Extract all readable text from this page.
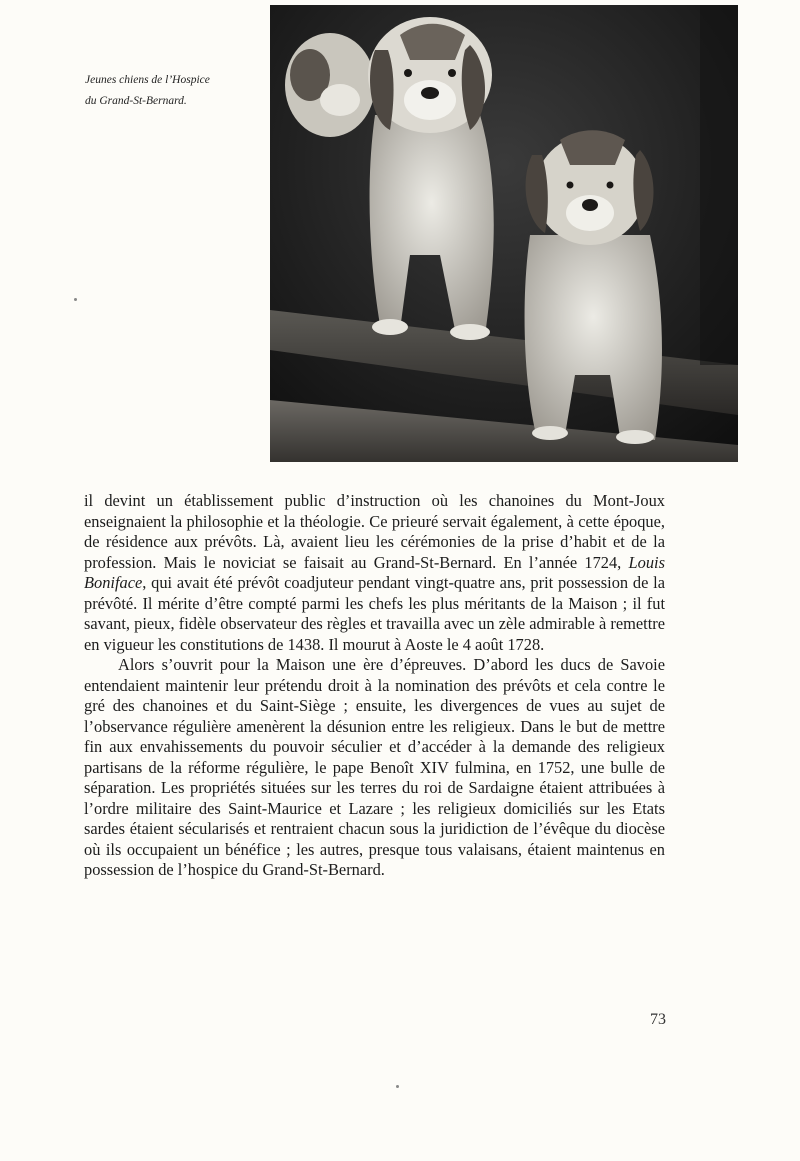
Jeunes chiens de l’Hospice
du Grand-St-Bernard.

il devint un établissement public d’instruction où les chanoines du Mont-Joux enseignaient la philosophie et la théologie. Ce prieuré servait également, à cette époque, de résidence aux prévôts. Là, avaient lieu les cérémonies de la prise d’habit et de la profession. Mais le noviciat se faisait au Grand-St-Bernard. En l’année 1724, Louis Boniface, qui avait été prévôt coadjuteur pendant vingt-quatre ans, prit possession de la prévôté. Il mérite d’être compté parmi les chefs les plus méritants de la Maison ; il fut savant, pieux, fidèle observateur des règles et travailla avec un zèle admirable à remettre en vigueur les constitutions de 1438. Il mourut à Aoste le 4 août 1728.

Alors s’ouvrit pour la Maison une ère d’épreuves. D’abord les ducs de Savoie entendaient maintenir leur prétendu droit à la nomination des prévôts et cela contre le gré des chanoines et du Saint-Siège ; ensuite, les divergences de vues au sujet de l’observance régulière amenèrent la désunion entre les religieux. Dans le but de mettre fin aux envahissements du pouvoir séculier et d’accéder à la demande des religieux partisans de la réforme régulière, le pape Benoît XIV fulmina, en 1752, une bulle de séparation. Les propriétés situées sur les terres du roi de Sardaigne étaient attribuées à l’ordre militaire des Saint-Maurice et Lazare ; les religieux domiciliés sur les Etats sardes étaient sécularisés et rentraient chacun sous la juridiction de l’évêque du diocèse où ils occupaient un bénéfice ; les autres, presque tous valaisans, étaient maintenus en possession de l’hospice du Grand-St-Bernard.

73
